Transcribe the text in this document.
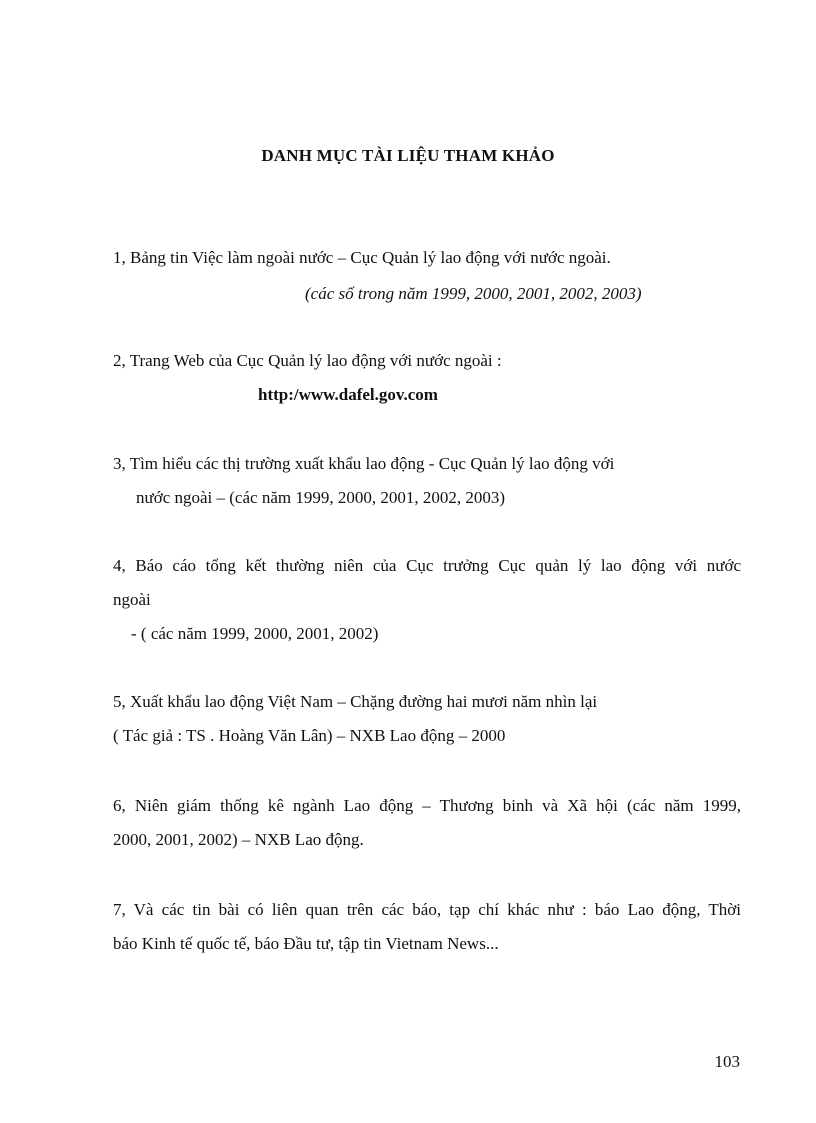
DANH MỤC TÀI LIỆU THAM KHẢO
1, Bảng tin Việc làm ngoài nước – Cục Quản lý lao động với nước ngoài.
(các số trong năm 1999, 2000, 2001, 2002, 2003)
2, Trang Web của Cục Quản lý lao động với nước ngoài :
http:/www.dafel.gov.com
3, Tìm hiểu các thị trường xuất khẩu lao động - Cục Quản lý lao động với
nước ngoài – (các năm 1999, 2000, 2001, 2002, 2003)
4, Báo cáo tổng kết thường niên của Cục trưởng Cục quản lý lao động với nước
ngoài
- ( các năm 1999, 2000, 2001, 2002)
5, Xuất khẩu lao động Việt Nam – Chặng đường hai mươi năm nhìn lại
( Tác giả : TS . Hoàng Văn Lân) – NXB Lao động – 2000
6, Niên giám thống kê ngành Lao động – Thương binh và Xã hội (các năm 1999,
2000, 2001, 2002) – NXB Lao động.
7, Và các tin bài có liên quan trên các báo, tạp chí khác như : báo Lao động, Thời
báo Kinh tế quốc tế, báo Đầu tư, tập tin Vietnam News...
103
